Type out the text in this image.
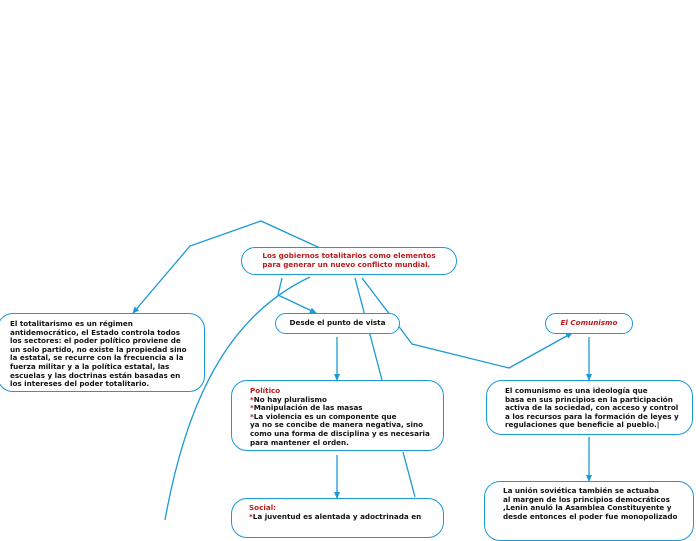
Los gobiernos totalitarios como elementos
para generar un nuevo conflicto mundial.
El totalitarismo es un régimen
antidemocrático, el Estado controla todos
los sectores: el poder político proviene de
un solo partido, no existe la propiedad sino
la estatal, se recurre con la frecuencia a la
fuerza militar y a la política estatal, las
escuelas y las doctrinas están basadas en
los intereses del poder totalitario.
Desde el punto de vista	El Comunismo
Político
*No hay pluralismo
*Manipulación de las masas
*La violencia es un componente que
ya no se concibe de manera negativa, sino
como una forma de disciplina y es necesaria
para mantener el orden.
El comunismo es una ideología que
basa en sus principios en la participación
activa de la sociedad, con acceso y control
a los recursos para la formación de leyes y
regulaciones que beneficie al pueblo.|
Social:
*La juventud es alentada y adoctrinada en
La unión soviética también se actuaba
al margen de los principios democráticos
,Lenin anuló la Asamblea Constituyente y
desde entonces el poder fue monopolizado
